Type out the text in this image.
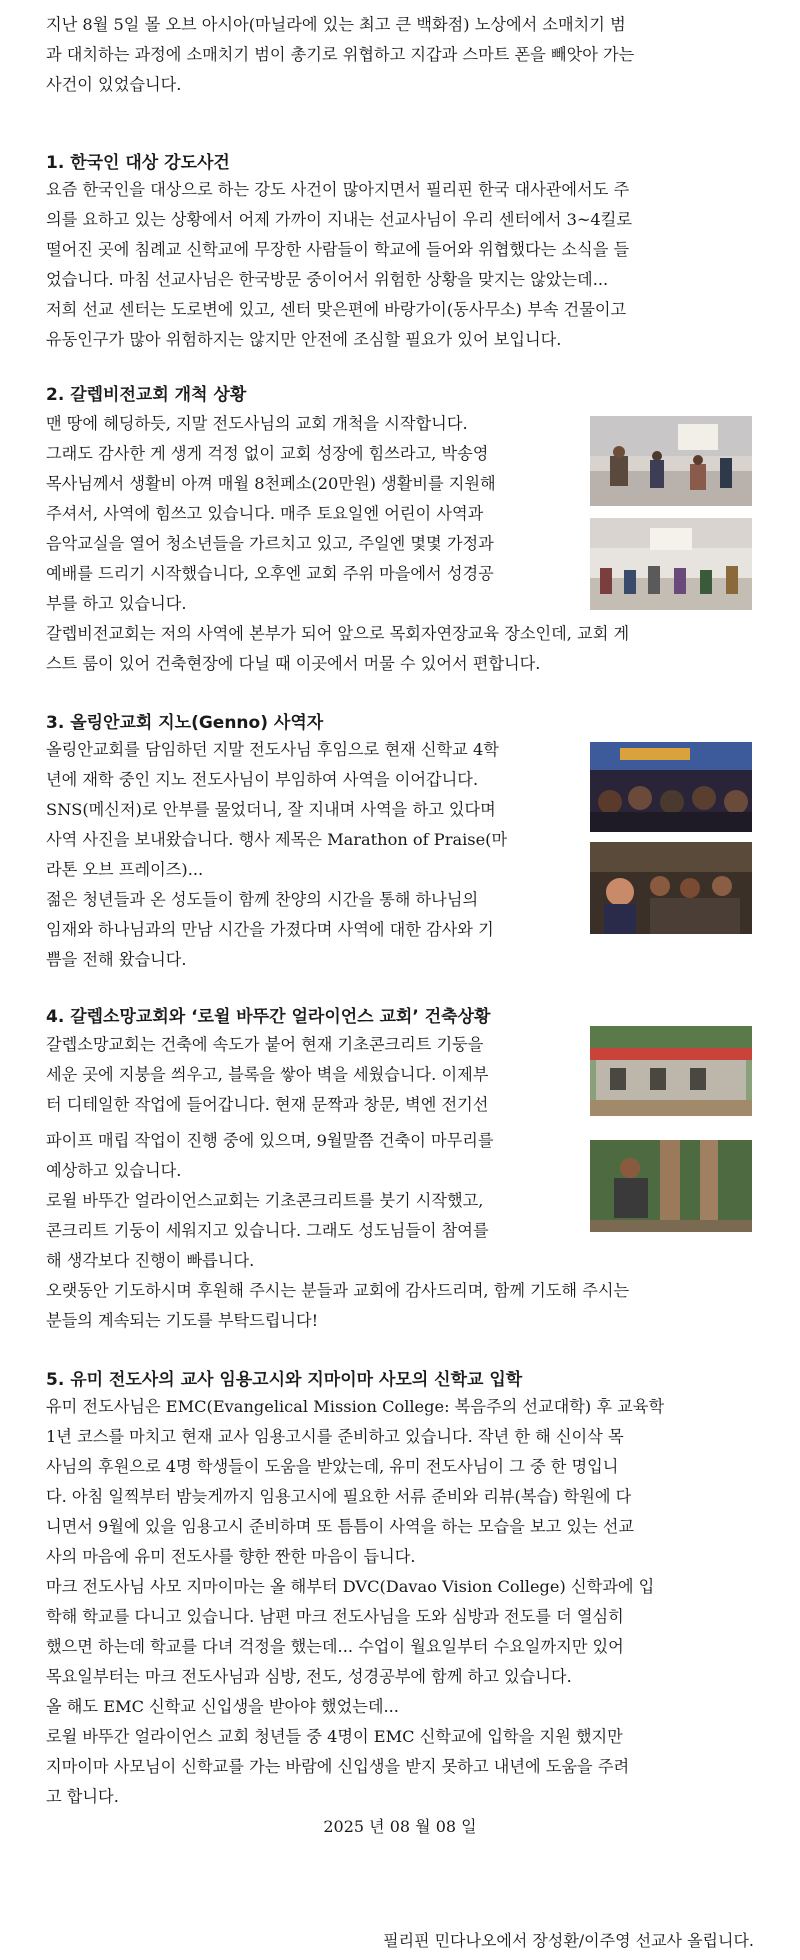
지난 8월 5일 몰 오브 아시아(마닐라에 있는 최고 큰 백화점) 노상에서 소매치기 범
과 대치하는 과정에 소매치기 범이 총기로 위협하고 지갑과 스마트 폰을 빼앗아 가는
사건이 있었습니다.
1. 한국인 대상 강도사건
요즘 한국인을 대상으로 하는 강도 사건이 많아지면서 필리핀 한국 대사관에서도 주
의를 요하고 있는 상황에서 어제 가까이 지내는 선교사님이 우리 센터에서 3~4킬로
떨어진 곳에 침례교 신학교에 무장한 사람들이 학교에 들어와 위협했다는 소식을 들
었습니다. 마침 선교사님은 한국방문 중이어서 위험한 상황을 맞지는 않았는데...
저희 선교 센터는 도로변에 있고, 센터 맞은편에 바랑가이(동사무소) 부속 건물이고
유동인구가 많아 위험하지는 않지만 안전에 조심할 필요가 있어 보입니다.
2. 갈렙비전교회 개척 상황
맨 땅에 헤딩하듯, 지말 전도사님의 교회 개척을 시작합니다.
그래도 감사한 게 생게 걱정 없이 교회 성장에 힘쓰라고, 박송영
목사님께서 생활비 아껴 매월 8천페소(20만원) 생활비를 지원해
주셔서, 사역에 힘쓰고 있습니다. 매주 토요일엔 어린이 사역과
음악교실을 열어 청소년들을 가르치고 있고, 주일엔 몇몇 가정과
예배를 드리기 시작했습니다, 오후엔 교회 주위 마을에서 성경공
부를 하고 있습니다.
갈렙비전교회는 저의 사역에 본부가 되어 앞으로 목회자연장교육 장소인데, 교회 게
스트 룸이 있어 건축현장에 다닐 때 이곳에서 머물 수 있어서 편합니다.
3. 올링안교회 지노(Genno) 사역자
올링안교회를 담임하던 지말 전도사님 후임으로 현재 신학교 4학
년에 재학 중인 지노 전도사님이 부임하여 사역을 이어갑니다.
SNS(메신저)로 안부를 물었더니, 잘 지내며 사역을 하고 있다며
사역 사진을 보내왔습니다. 행사 제목은 Marathon of Praise(마
라톤 오브 프레이즈)...
젊은 청년들과 온 성도들이 함께 찬양의 시간을 통해 하나님의
임재와 하나님과의 만남 시간을 가졌다며 사역에 대한 감사와 기
쁨을 전해 왔습니다.
4. 갈렙소망교회와 ‘로윌 바뚜간 얼라이언스 교회’ 건축상황
갈렙소망교회는 건축에 속도가 붙어 현재 기초콘크리트 기둥을
세운 곳에 지붕을 씌우고, 블록을 쌓아 벽을 세웠습니다. 이제부
터 디테일한 작업에 들어갑니다. 현재 문짝과 창문, 벽엔 전기선
파이프 매립 작업이 진행 중에 있으며, 9월말쯤 건축이 마무리를
예상하고 있습니다.
로윌 바뚜간 얼라이언스교회는 기초콘크리트를 붓기 시작했고,
콘크리트 기둥이 세워지고 있습니다. 그래도 성도님들이 참여를
해 생각보다 진행이 빠릅니다.
오랫동안 기도하시며 후원해 주시는 분들과 교회에 감사드리며, 함께 기도해 주시는
분들의 계속되는 기도를 부탁드립니다!
5. 유미 전도사의 교사 임용고시와 지마이마 사모의 신학교 입학
유미 전도사님은 EMC(Evangelical Mission College: 복음주의 선교대학) 후 교육학
1년 코스를 마치고 현재 교사 임용고시를 준비하고 있습니다. 작년 한 해 신이삭 목
사님의 후원으로 4명 학생들이 도움을 받았는데, 유미 전도사님이 그 중 한 명입니
다. 아침 일찍부터 밤늦게까지 임용고시에 필요한 서류 준비와 리뷰(복습) 학원에 다
니면서 9월에 있을 임용고시 준비하며 또 틈틈이 사역을 하는 모습을 보고 있는 선교
사의 마음에 유미 전도사를 향한 짠한 마음이 듭니다.
마크 전도사님 사모 지마이마는 올 해부터 DVC(Davao Vision College) 신학과에 입
학해 학교를 다니고 있습니다. 남편 마크 전도사님을 도와 심방과 전도를 더 열심히
했으면 하는데 학교를 다녀 걱정을 했는데... 수업이 월요일부터 수요일까지만 있어
목요일부터는 마크 전도사님과 심방, 전도, 성경공부에 함께 하고 있습니다.
올 해도 EMC 신학교 신입생을 받아야 했었는데...
로윌 바뚜간 얼라이언스 교회 청년들 중 4명이 EMC 신학교에 입학을 지원 했지만
지마이마 사모님이 신학교를 가는 바람에 신입생을 받지 못하고 내년에 도움을 주려
고 합니다.
2025 년 08 월 08 일
필리핀 민다나오에서 장성환/이주영 선교사 올립니다.
